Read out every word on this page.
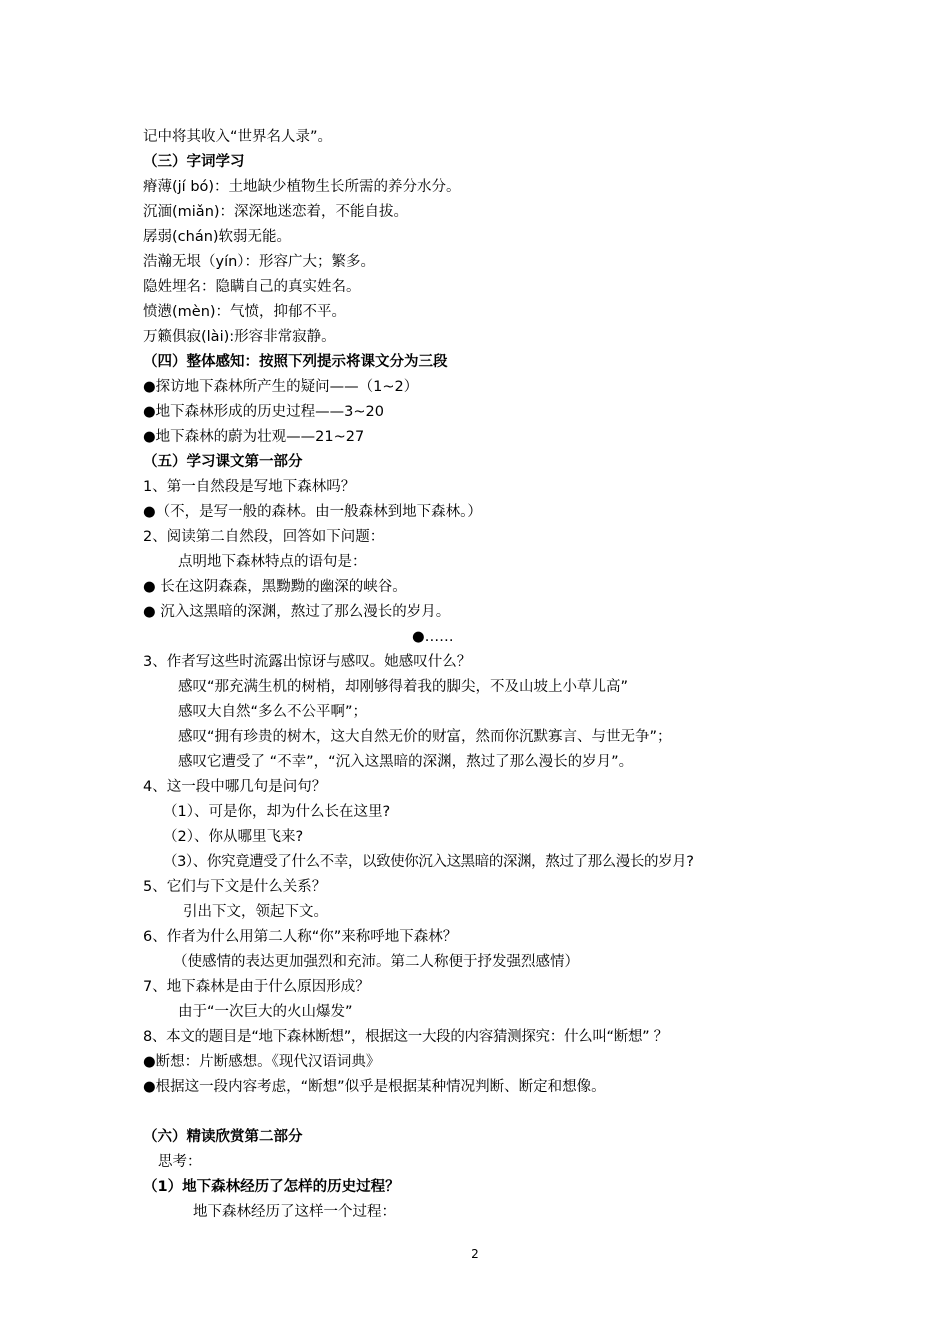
记中将其收入“世界名人录”。
（三）字词学习
瘠薄(jí bó)：土地缺少植物生长所需的养分水分。
沉湎(miǎn)：深深地迷恋着，不能自拔。
孱弱(chán)软弱无能。
浩瀚无垠（yín）：形容广大；繁多。
隐姓埋名：隐瞒自己的真实姓名。
愤懑(mèn)：气愤，抑郁不平。
万籁俱寂(lài):形容非常寂静。
（四）整体感知：按照下列提示将课文分为三段
●探访地下森林所产生的疑问——（1~2）
●地下森林形成的历史过程——3~20
●地下森林的蔚为壮观——21~27
（五）学习课文第一部分
1、第一自然段是写地下森林吗？
●（不，是写一般的森林。由一般森林到地下森林。）
2、阅读第二自然段，回答如下问题：
点明地下森林特点的语句是：
● 长在这阴森森，黑黝黝的幽深的峡谷。
● 沉入这黑暗的深渊，熬过了那么漫长的岁月。
●……
3、作者写这些时流露出惊讶与感叹。她感叹什么？
感叹“那充满生机的树梢，却刚够得着我的脚尖，不及山坡上小草儿高”
感叹大自然“多么不公平啊”；
感叹“拥有珍贵的树木，这大自然无价的财富，然而你沉默寡言、与世无争”；
感叹它遭受了 “不幸”，“沉入这黑暗的深渊，熬过了那么漫长的岁月”。
4、这一段中哪几句是问句？
（1）、可是你，却为什么长在这里?
（2）、你从哪里飞来?
（3）、你究竟遭受了什么不幸，以致使你沉入这黑暗的深渊，熬过了那么漫长的岁月?
5、它们与下文是什么关系？
引出下文，领起下文。
6、作者为什么用第二人称“你”来称呼地下森林？
（使感情的表达更加强烈和充沛。第二人称便于抒发强烈感情）
7、地下森林是由于什么原因形成？
由于“一次巨大的火山爆发”
8、本文的题目是“地下森林断想”，根据这一大段的内容猜测探究：什么叫“断想” ？
●断想：片断感想。《现代汉语词典》
●根据这一段内容考虑，“断想”似乎是根据某种情况判断、断定和想像。
（六）精读欣赏第二部分
思考：
（1）地下森林经历了怎样的历史过程？
地下森林经历了这样一个过程：
2
